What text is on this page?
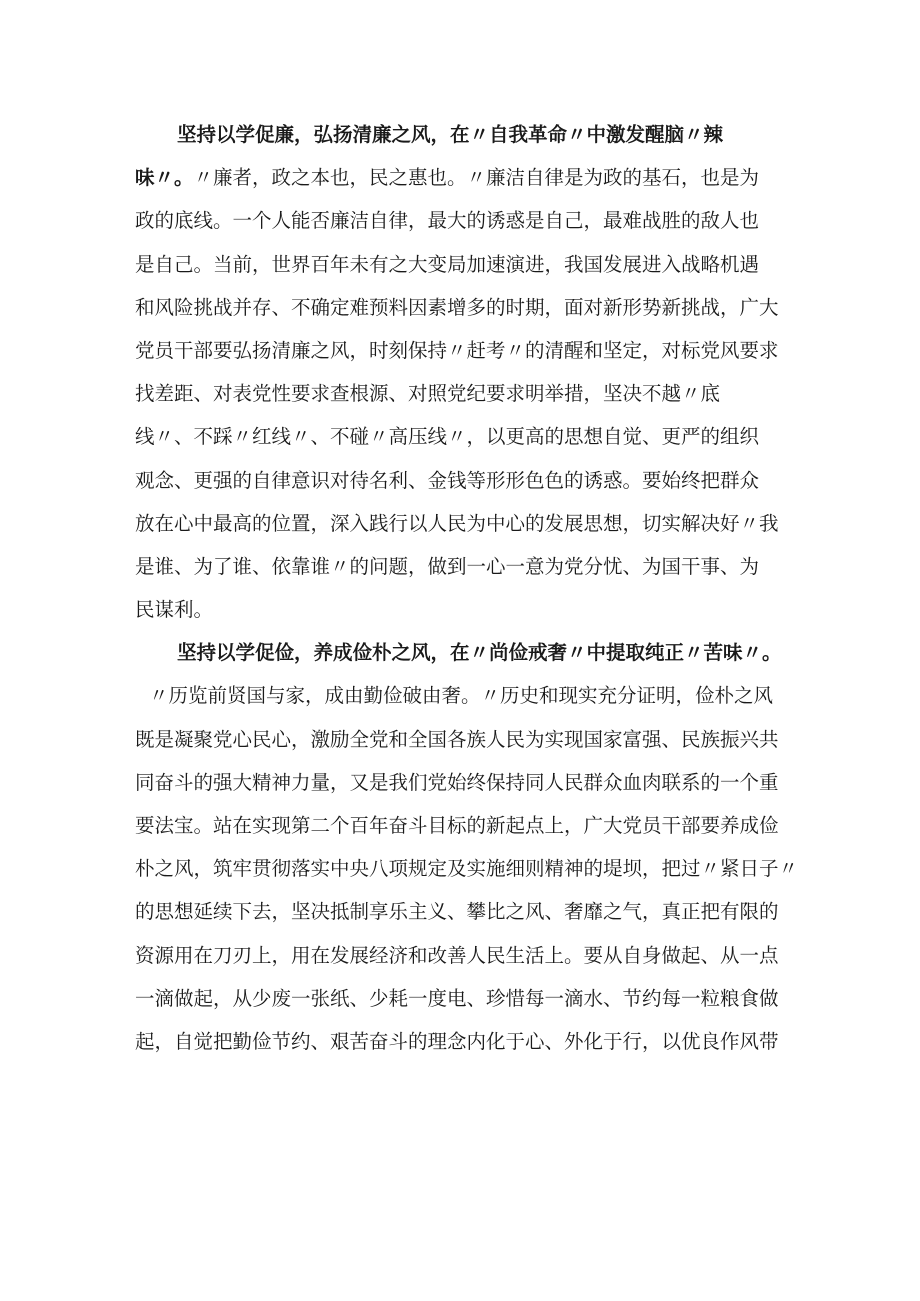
坚持以学促廉，弘扬清廉之风，在〃自我革命〃中激发醒脑〃辣
味〃。〃廉者，政之本也，民之惠也。〃廉洁自律是为政的基石，也是为
政的底线。一个人能否廉洁自律，最大的诱惑是自己，最难战胜的敌人也
是自己。当前，世界百年未有之大变局加速演进，我国发展进入战略机遇
和风险挑战并存、不确定难预料因素增多的时期，面对新形势新挑战，广大
党员干部要弘扬清廉之风，时刻保持〃赶考〃的清醒和坚定，对标党风要求
找差距、对表党性要求查根源、对照党纪要求明举措，坚决不越〃底
线〃、不踩〃红线〃、不碰〃高压线〃，以更高的思想自觉、更严的组织
观念、更强的自律意识对待名利、金钱等形形色色的诱惑。要始终把群众
放在心中最高的位置，深入践行以人民为中心的发展思想，切实解决好〃我
是谁、为了谁、依靠谁〃的问题，做到一心一意为党分忧、为国干事、为
民谋利。
坚持以学促俭，养成俭朴之风，在〃尚俭戒奢〃中提取纯正〃苦味〃。
〃历览前贤国与家，成由勤俭破由奢。〃历史和现实充分证明，俭朴之风
既是凝聚党心民心，激励全党和全国各族人民为实现国家富强、民族振兴共
同奋斗的强大精神力量，又是我们党始终保持同人民群众血肉联系的一个重
要法宝。站在实现第二个百年奋斗目标的新起点上，广大党员干部要养成俭
朴之风，筑牢贯彻落实中央八项规定及实施细则精神的堤坝，把过〃紧日子〃
的思想延续下去，坚决抵制享乐主义、攀比之风、奢靡之气，真正把有限的
资源用在刀刃上，用在发展经济和改善人民生活上。要从自身做起、从一点
一滴做起，从少废一张纸、少耗一度电、珍惜每一滴水、节约每一粒粮食做
起，自觉把勤俭节约、艰苦奋斗的理念内化于心、外化于行，以优良作风带
